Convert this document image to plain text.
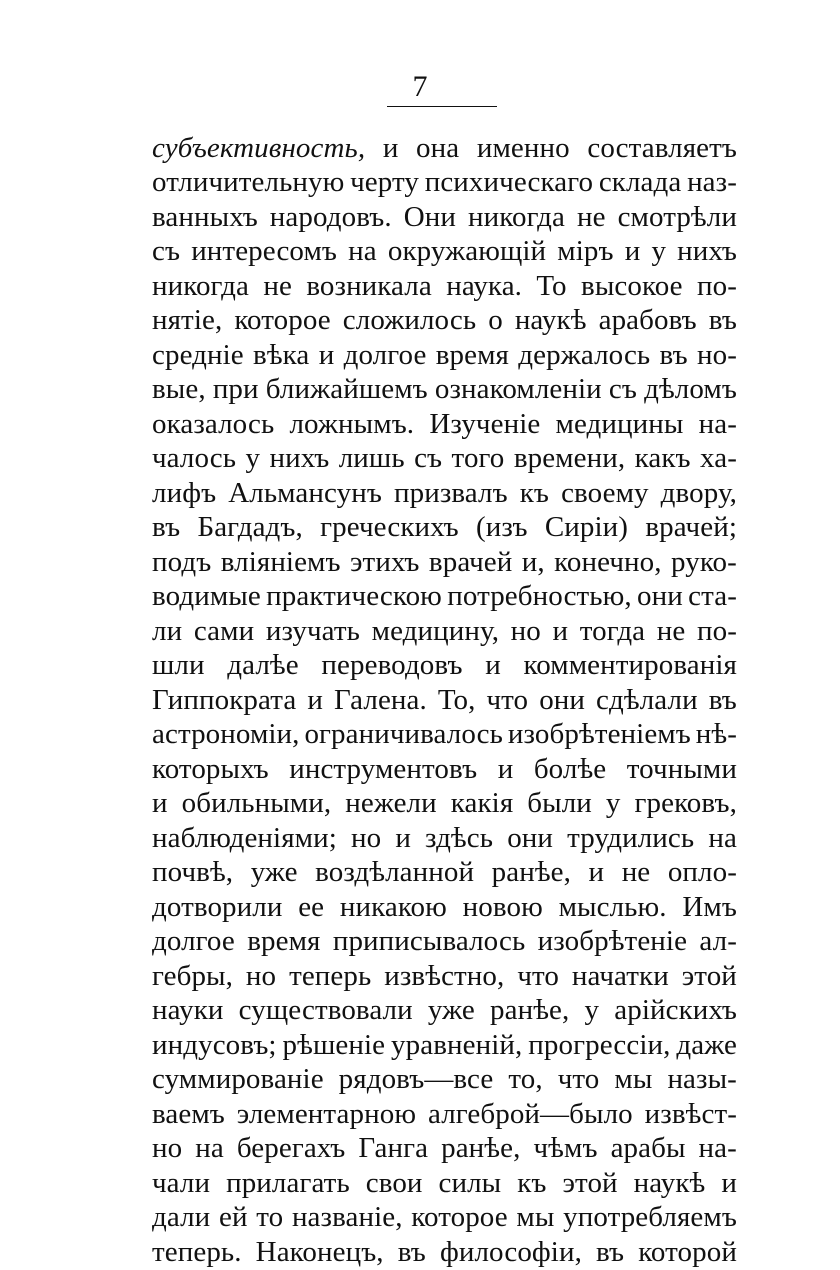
7
субъективность, и она именно составляетъ
отличительную черту психическаго склада наз-
ванныхъ народовъ. Они никогда не смотрѣли
съ интересомъ на окружающій міръ и у нихъ
никогда не возникала наука. То высокое по-
нятіе, которое сложилось о наукѣ арабовъ въ
средніе вѣка и долгое время держалось въ но-
вые, при ближайшемъ ознакомленіи съ дѣломъ
оказалось ложнымъ. Изученіе медицины на-
чалось у нихъ лишь съ того времени, какъ ха-
лифъ Альмансунъ призвалъ къ своему двору,
въ Багдадъ, греческихъ (изъ Сиріи) врачей;
подъ вліяніемъ этихъ врачей и, конечно, руко-
водимые практическою потребностью, они ста-
ли сами изучать медицину, но и тогда не по-
шли далѣе переводовъ и комментированія
Гиппократа и Галена. То, что они сдѣлали въ
астрономіи, ограничивалось изобрѣтеніемъ нѣ-
которыхъ инструментовъ и болѣе точными
и обильными, нежели какія были у грековъ,
наблюденіями; но и здѣсь они трудились на
почвѣ, уже воздѣланной ранѣе, и не опло-
дотворили ее никакою новою мыслью. Имъ
долгое время приписывалось изобрѣтеніе ал-
гебры, но теперь извѣстно, что начатки этой
науки существовали уже ранѣе, у арійскихъ
индусовъ; рѣшеніе уравненій, прогрессіи, даже
суммированіе рядовъ—все то, что мы назы-
ваемъ элементарною алгеброй—было извѣст-
но на берегахъ Ганга ранѣе, чѣмъ арабы на-
чали прилагать свои силы къ этой наукѣ и
дали ей то названіе, которое мы употребляемъ
теперь. Наконецъ, въ философіи, въ которой
